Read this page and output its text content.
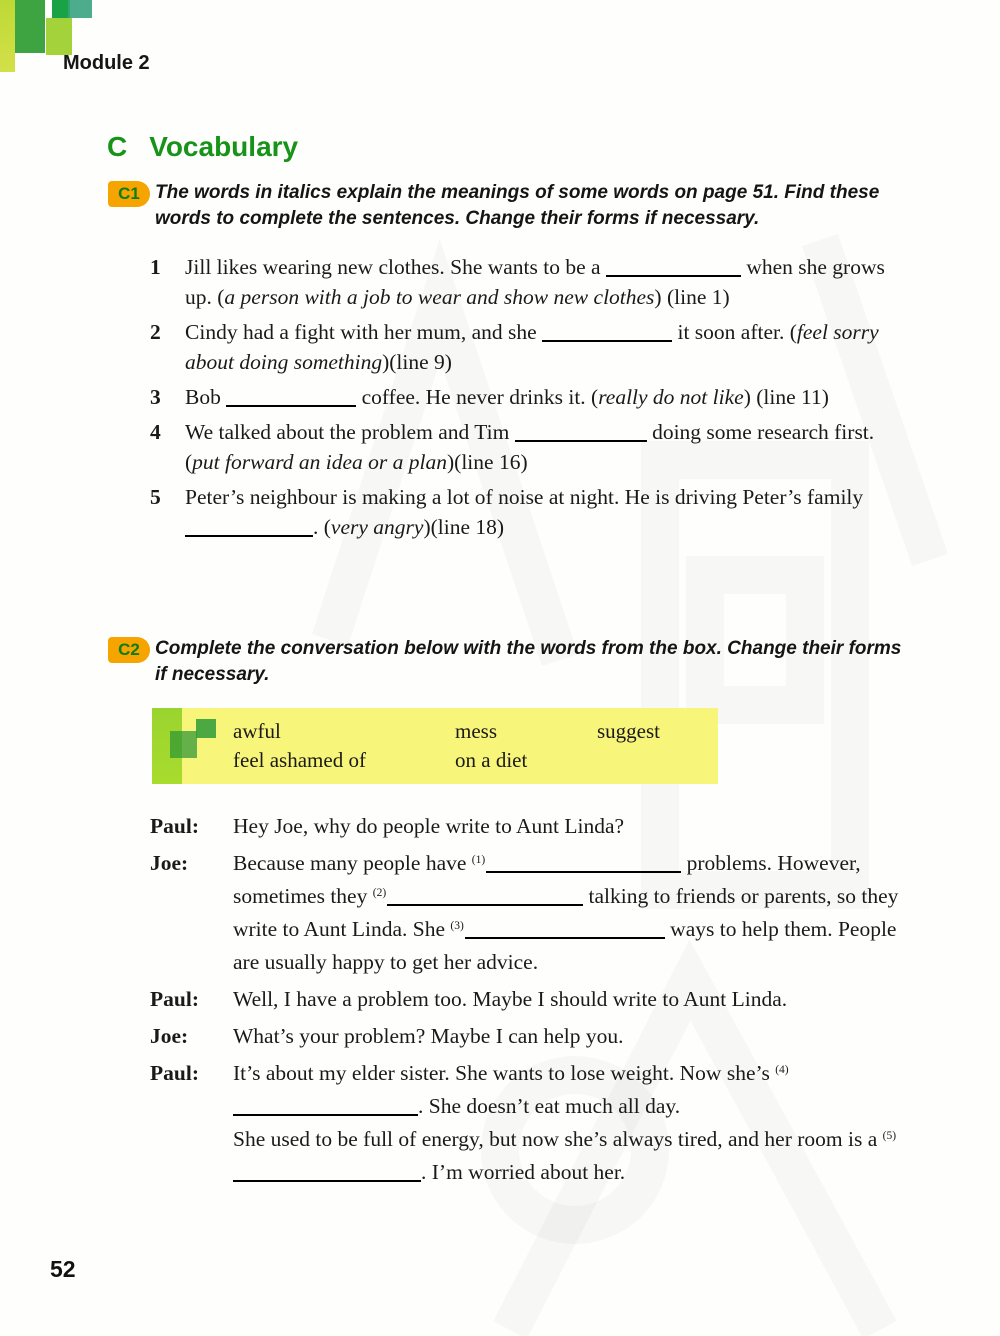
Module 2
C Vocabulary
C1 The words in italics explain the meanings of some words on page 51. Find these words to complete the sentences. Change their forms if necessary.
1	Jill likes wearing new clothes. She wants to be a	when she grows up. (a person with a job to wear and show new clothes) (line 1)
2	Cindy had a fight with her mum, and she	it soon after. (feel sorry about doing something)(line 9)
3	Bob	coffee. He never drinks it. (really do not like) (line 11)
4	We talked about the problem and Tim	doing some research first. (put forward an idea or a plan)(line 16)
5	Peter’s neighbour is making a lot of noise at night. He is driving Peter’s family . (very angry)(line 18)
C2 Complete the conversation below with the words from the box. Change their forms if necessary.
awful	mess	suggest
feel ashamed of	on a diet
Paul:	Hey Joe, why do people write to Aunt Linda?
Joe:	Because many people have $^{(1)}$	problems. However, sometimes they $^{(2)}$	talking to friends or parents, so they write to Aunt Linda. She $^{(3)}$	ways to help them. People are usually happy to get her advice.
Paul:	Well, I have a problem too. Maybe I should write to Aunt Linda.
Joe:	What’s your problem? Maybe I can help you.
Paul:	It’s about my elder sister. She wants to lose weight. Now she’s $^{(4)}$. She doesn’t eat much all day.
She used to be full of energy, but now she’s always tired, and her room is a $^{(5)}$. I’m worried about her.
52
